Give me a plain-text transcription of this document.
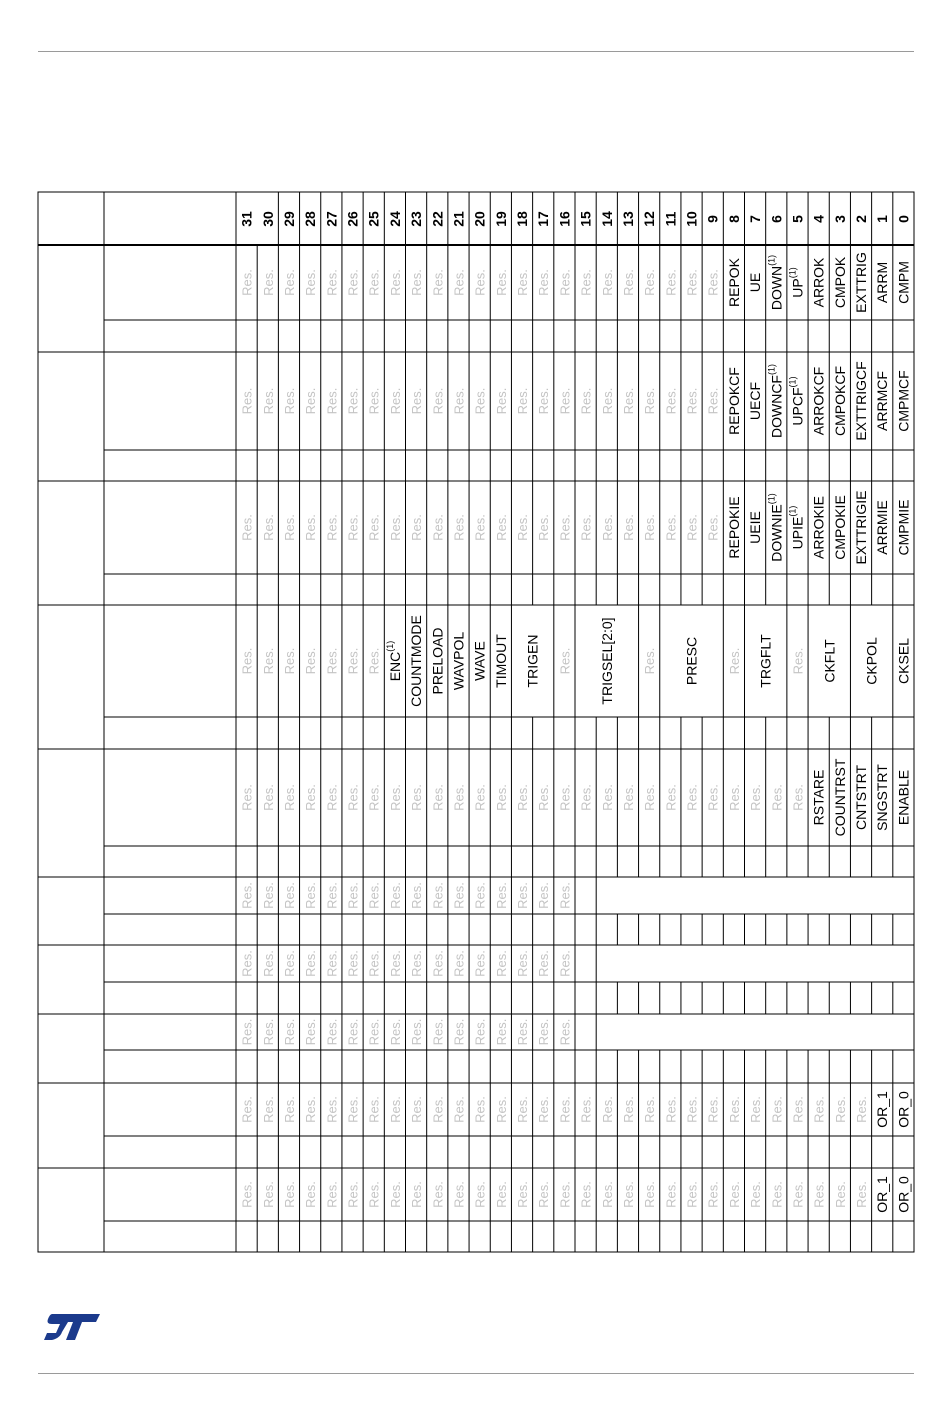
31 30 29 28 27 26 25 24 23 22 21 20 19 18 17 16 15 14 13 12 11 10 9 8 7 6 5 4 3 2 1 0
Res. Res. Res. Res. Res. Res. Res. Res. Res. Res. Res. Res. Res. Res. Res. Res. Res. Res. Res. Res. Res. Res. Res. REPOK UE DOWN$^{(1)}$
UP$^{(1)}$ ARROK CMPOK EXTTRIG ARRM CMPM
Res. Res. Res. Res. Res. Res. Res. Res. Res. Res. Res. Res. Res. Res. Res. Res. Res. Res. Res. Res. Res. Res. Res. REPOKCF UECF DOWNCF$^{(1)}$
UPCF$^{(1)}$ ARROKCF CMPOKCF EXTTRIGCF ARRMCF CMPMCF
Res. Res. Res. Res. Res. Res. Res. Res. Res. Res. Res. Res. Res. Res. Res. Res. Res. Res. Res. Res. Res. Res. Res. REPOKIE UEIE DOWNIE$^{(1)}$
UPIE$^{(1)}$ ARROKIE CMPOKIE EXTTRIGIE ARRMIE CMPMIE
Res. Res. Res. Res. Res. Res. Res. ENC$^{(1)}$ COUNTMODE PRELOAD WAVPOL WAVE TIMOUT TRIGEN Res. TRIGSEL[2:0] Res. PRESC Res. TRGFLT Res. CKFLT CKPOL CKSEL
Res. Res. Res. Res. Res. Res. Res. Res. Res. Res. Res. Res. Res. Res. Res. Res. Res. Res. Res. Res. Res. Res. Res. Res. Res. Res. Res. RSTARE COUNTRST CNTSTRT SNGSTRT ENABLE
Res. Res. Res. Res. Res. Res. Res. Res. Res. Res. Res. Res. Res. Res. Res. Res.
Res. Res. Res. Res. Res. Res. Res. Res. Res. Res. Res. Res. Res. Res. Res. Res.
Res. Res. Res. Res. Res. Res. Res. Res. Res. Res. Res. Res. Res. Res. Res. Res.
Res. Res. Res. Res. Res. Res. Res. Res. Res. Res. Res. Res. Res. Res. Res. Res. Res. Res. Res. Res. Res. Res. Res. Res. Res. Res. Res. Res. Res. Res. OR_1 OR_0
Res. Res. Res. Res. Res. Res. Res. Res. Res. Res. Res. Res. Res. Res. Res. Res. Res. Res. Res. Res. Res. Res. Res. Res. Res. Res. Res. Res. Res. Res. OR_1 OR_0
